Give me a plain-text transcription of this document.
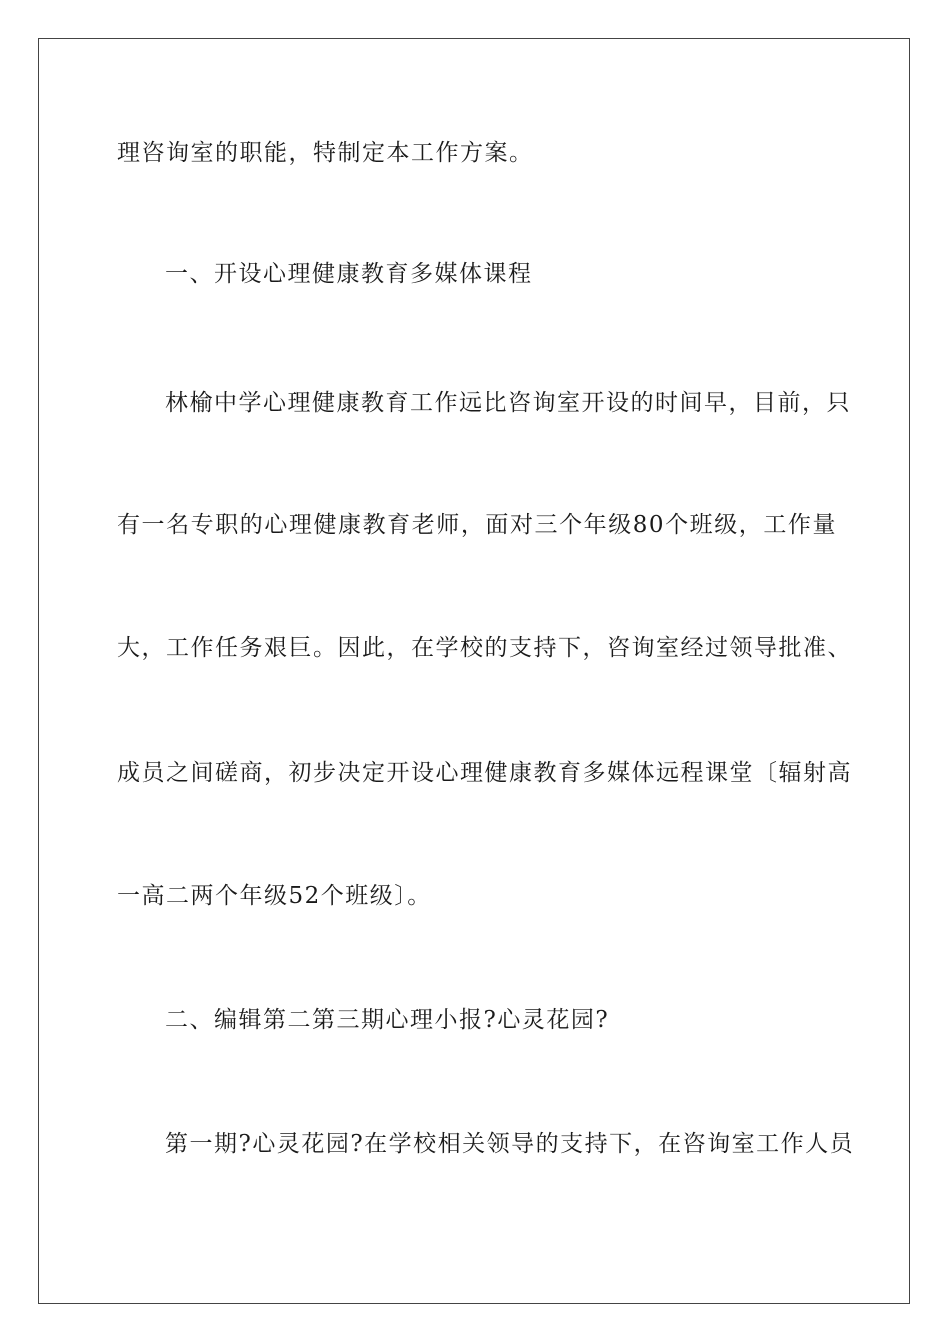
理咨询室的职能，特制定本工作方案。
一、开设心理健康教育多媒体课程
林榆中学心理健康教育工作远比咨询室开设的时间早，目前，只
有一名专职的心理健康教育老师，面对三个年级80个班级，工作量
大，工作任务艰巨。因此，在学校的支持下，咨询室经过领导批准、
成员之间磋商，初步决定开设心理健康教育多媒体远程课堂〔辐射高
一高二两个年级52个班级〕。
二、编辑第二第三期心理小报?心灵花园?
第一期?心灵花园?在学校相关领导的支持下，在咨询室工作人员
